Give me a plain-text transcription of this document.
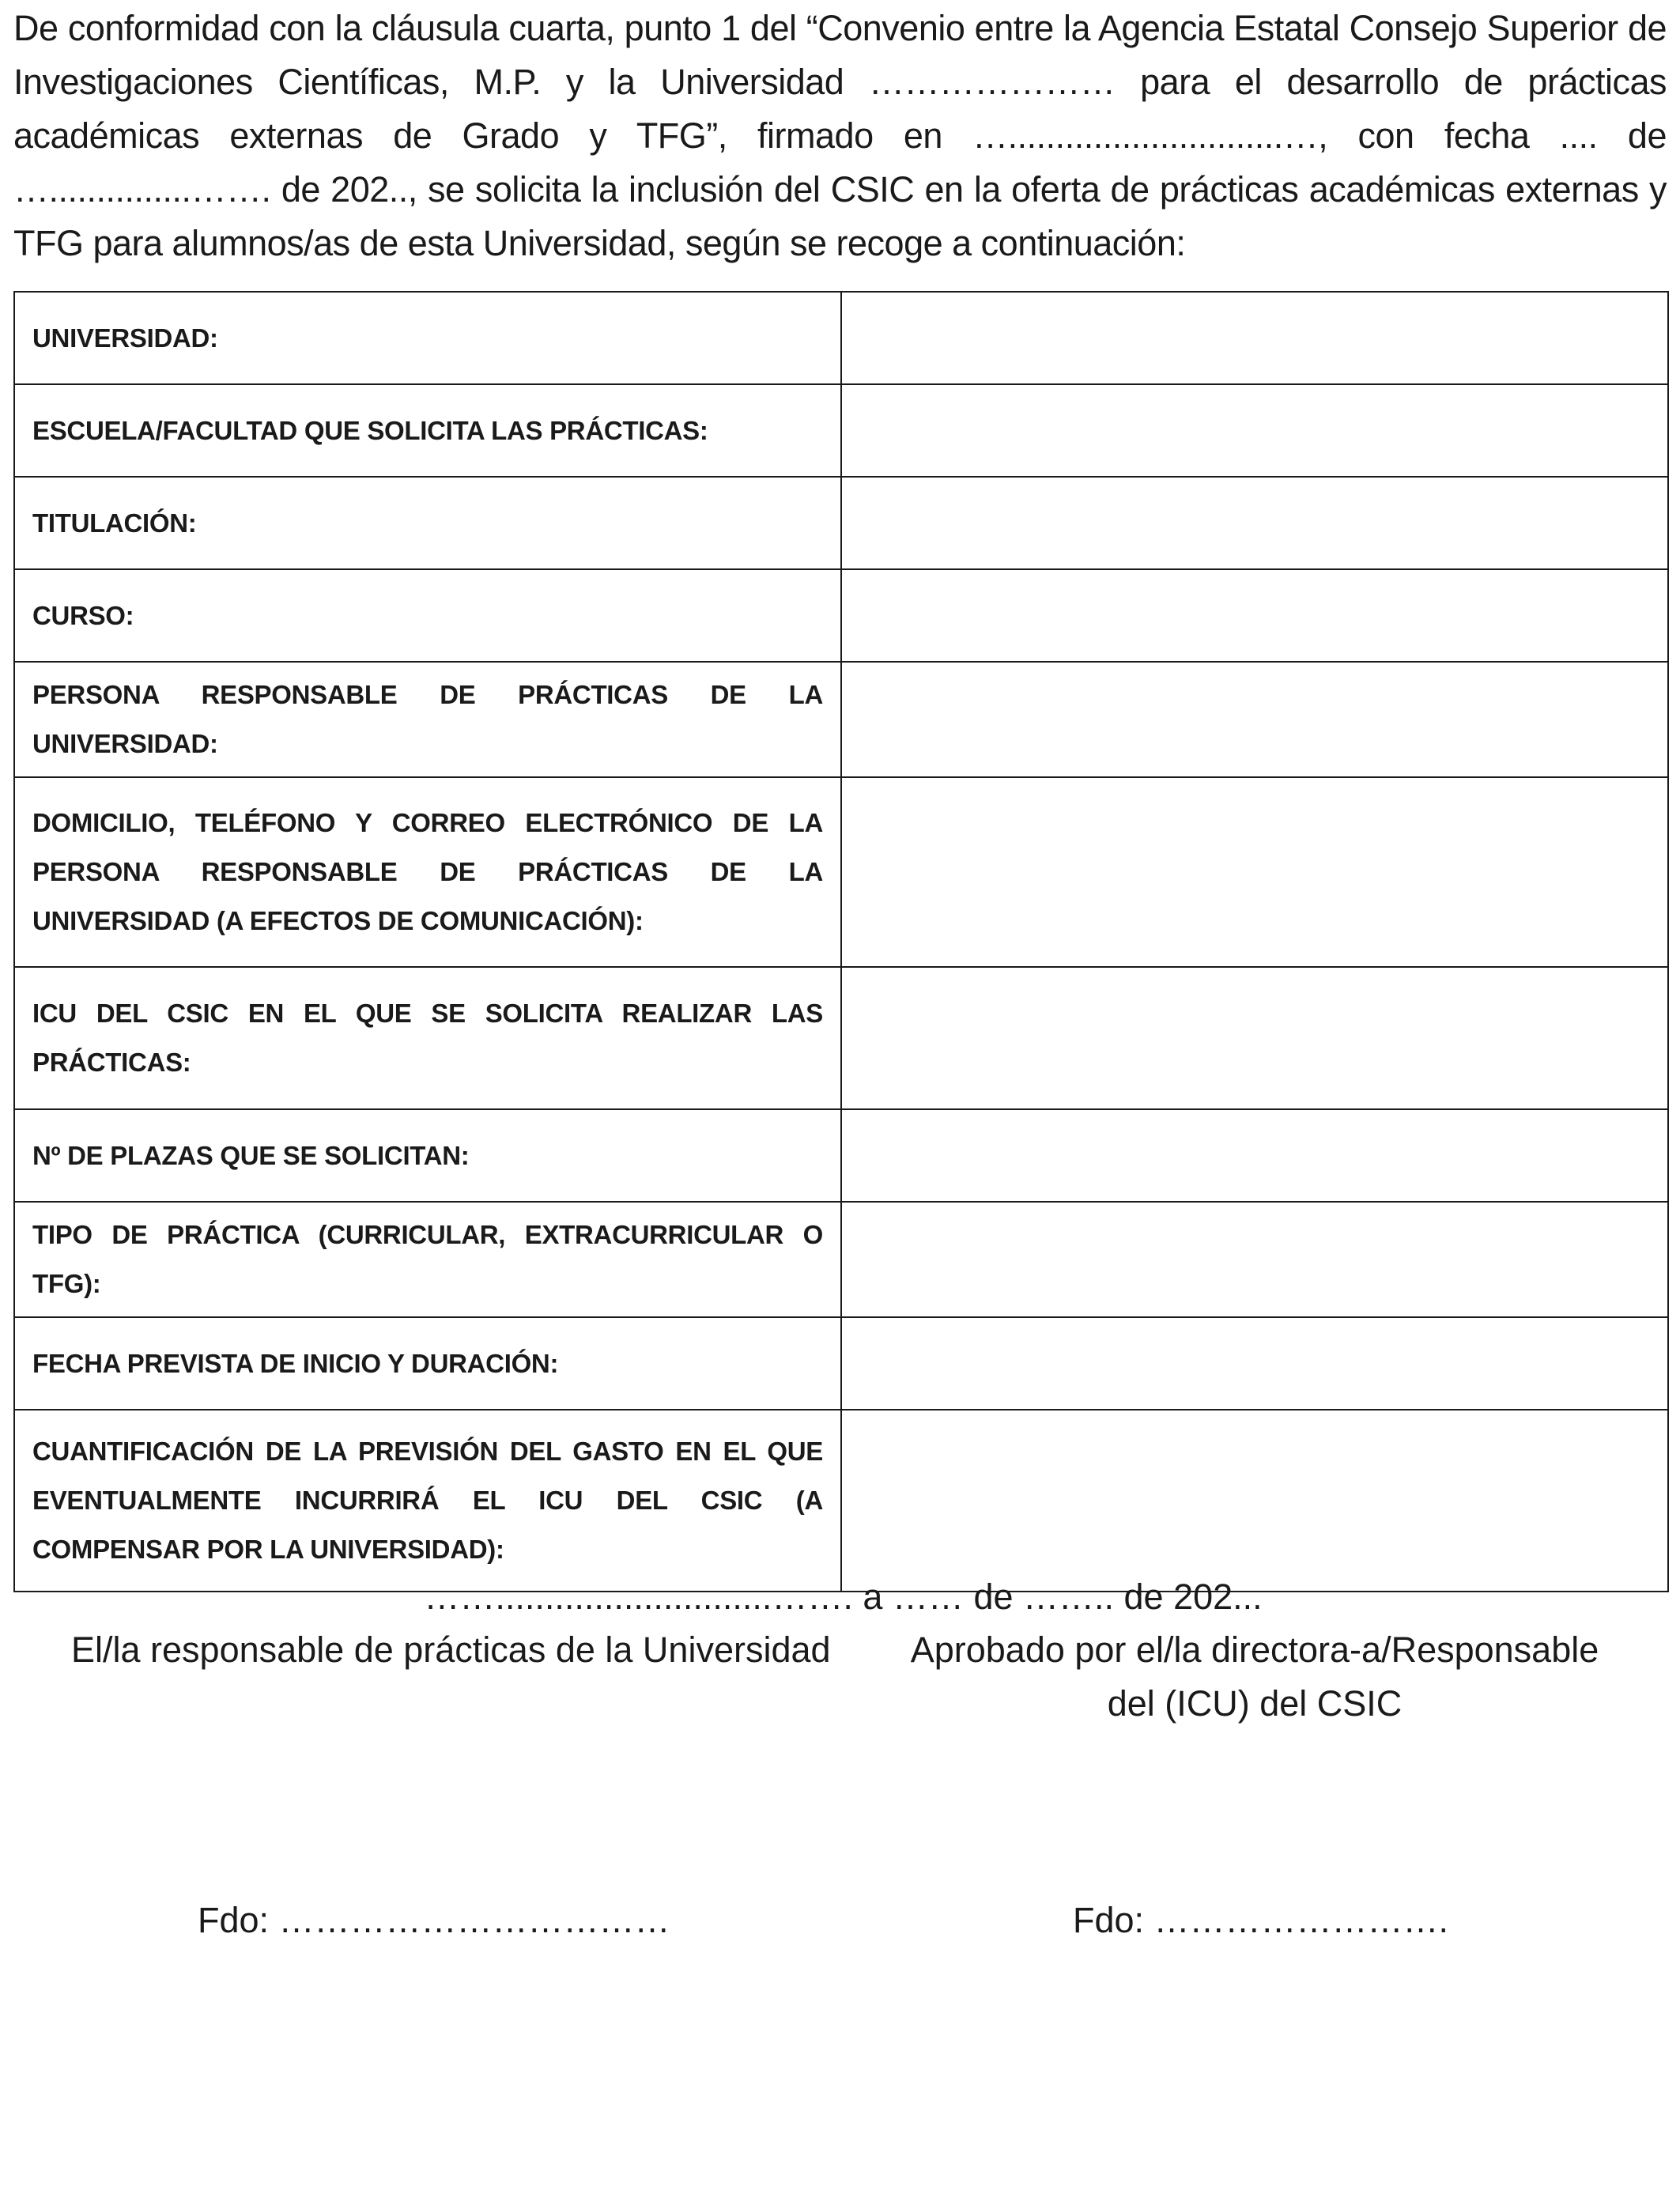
De conformidad con la cláusula cuarta, punto 1 del “Convenio entre la Agencia Estatal Consejo Superior de Investigaciones Científicas, M.P. y la Universidad ………………… para el desarrollo de prácticas académicas externas de Grado y TFG”, firmado en ….............................…, con fecha .... de …...............……. de 202.., se solicita la inclusión del CSIC en la oferta de prácticas académicas externas y TFG para alumnos/as de esta Universidad, según se recoge a continuación:

UNIVERSIDAD:	
ESCUELA/FACULTAD QUE SOLICITA LAS PRÁCTICAS:	
TITULACIÓN:	
CURSO:	
PERSONA RESPONSABLE DE PRÁCTICAS DE LA UNIVERSIDAD:	
DOMICILIO, TELÉFONO Y CORREO ELECTRÓNICO DE LA PERSONA RESPONSABLE DE PRÁCTICAS DE LA UNIVERSIDAD (A EFECTOS DE COMUNICACIÓN):	
ICU DEL CSIC EN EL QUE SE SOLICITA REALIZAR LAS PRÁCTICAS:	
Nº DE PLAZAS QUE SE SOLICITAN:	
TIPO DE PRÁCTICA (CURRICULAR, EXTRACURRICULAR O TFG):	
FECHA PREVISTA DE INICIO Y DURACIÓN:	
CUANTIFICACIÓN DE LA PREVISIÓN DEL GASTO EN EL QUE EVENTUALMENTE INCURRIRÁ EL ICU DEL CSIC (A COMPENSAR POR LA UNIVERSIDAD):	
……............................……. a …… de …….. de 202...
El/la responsable de prácticas de la Universidad	Aprobado por el/la directora-a/Responsable del (ICU) del CSIC
Fdo: ……………………………	Fdo: …………………….
